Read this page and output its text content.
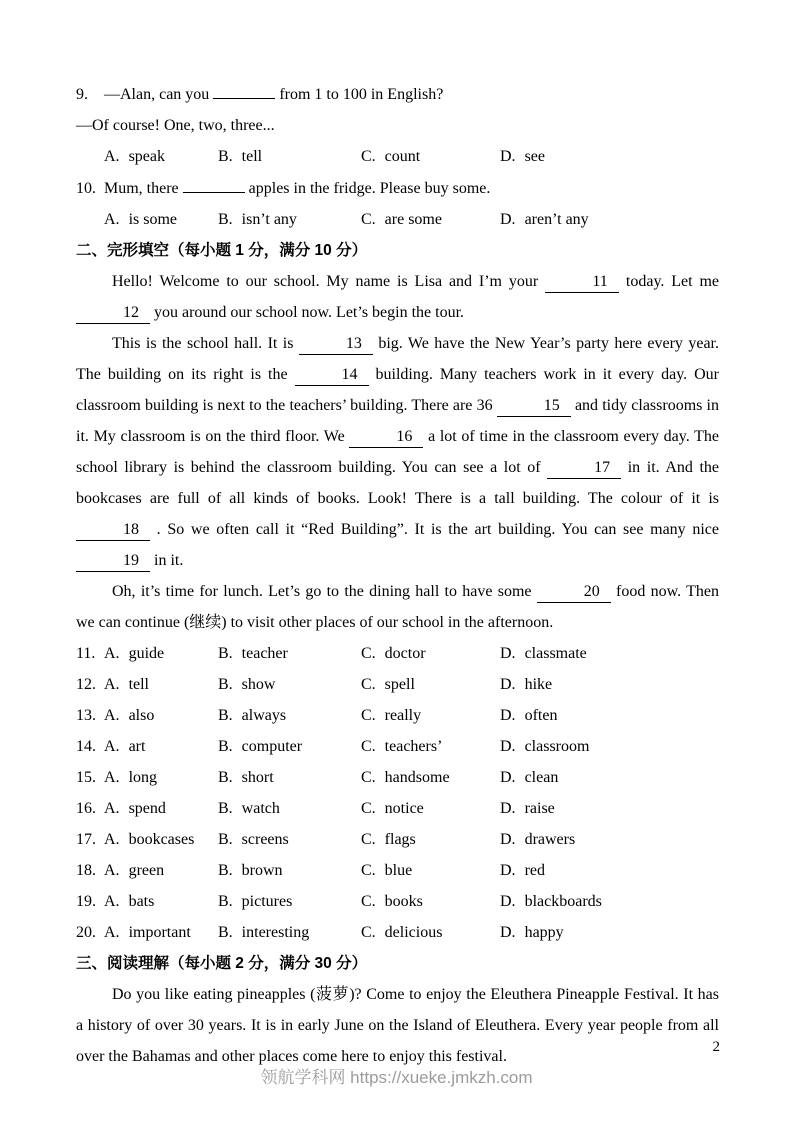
9. —Alan, can you	from 1 to 100 in English?
—Of course! One, two, three...
A. speak	B. tell	C. count	D. see
10. Mum, there	apples in the fridge. Please buy some.
A. is some	B. isn’t any	C. are some	D. aren’t any
二、完形填空（每小题 1 分，满分 10 分）

Hello! Welcome to our school. My name is Lisa and I’m your	11 today. Let me 12 you around our school now. Let’s begin the tour.

This is the school hall. It is	13 big. We have the New Year’s party here every year. The building on its right is the	14 building. Many teachers work in it every day. Our classroom building is next to the teachers’ building. There are 36	15 and tidy classrooms in it. My classroom is on the third floor. We	16 a lot of time in the classroom every day. The school library is behind the classroom building. You can see a lot of	17 in it. And the bookcases are full of all kinds of books. Look! There is a tall building. The colour of it is 18 . So we often call it “Red Building”. It is the art building. You can see many nice 19 in it.

Oh, it’s time for lunch. Let’s go to the dining hall to have some	20 food now. Then we can continue (继续) to visit other places of our school in the afternoon.

11. A. guide	B. teacher	C. doctor	D. classmate
12. A. tell	B. show	C. spell	D. hike
13. A. also	B. always	C. really	D. often
14. A. art	B. computer	C. teachers’	D. classroom
15. A. long	B. short	C. handsome	D. clean
16. A. spend	B. watch	C. notice	D. raise
17. A. bookcases B. screens	C. flags	D. drawers
18. A. green	B. brown	C. blue	D. red
19. A. bats	B. pictures	C. books	D. blackboards
20. A. important B. interesting	C. delicious	D. happy
三、阅读理解（每小题 2 分，满分 30 分）

Do you like eating pineapples (菠萝)? Come to enjoy the Eleuthera Pineapple Festival. It has a history of over 30 years. It is in early June on the Island of Eleuthera. Every year people from all over the Bahamas and other places come here to enjoy this festival.

2
领航学科网 https://xueke.jmkzh.com
